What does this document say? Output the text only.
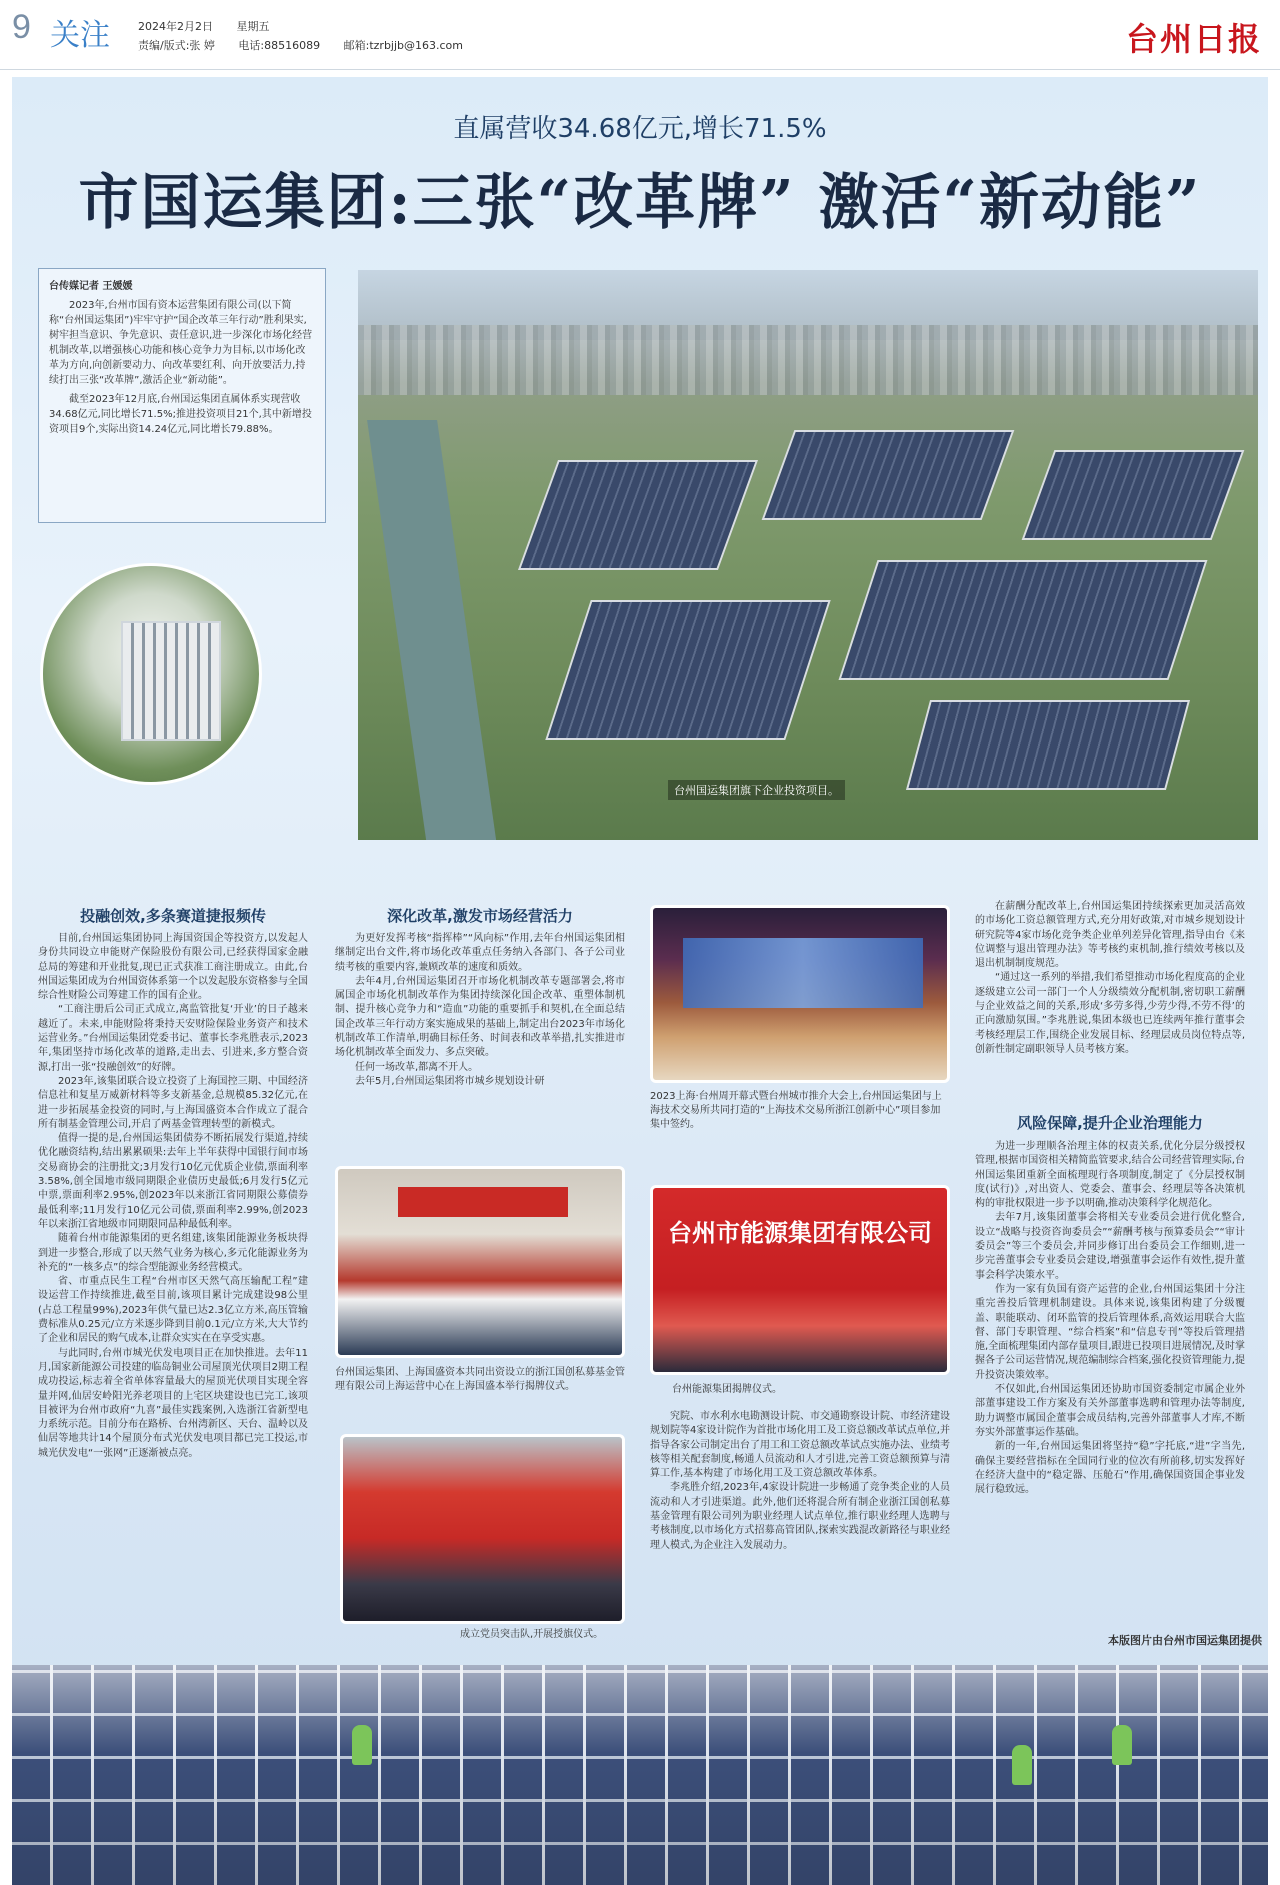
9 关注	2024年2月2日 星期五
责编/版式:张 婷 电话:88516089 邮箱:tzrbjjb@163.com	台州日报
直属营收34.68亿元,增长71.5%
市国运集团:三张“改革牌” 激活“新动能”
台传媒记者 王媛媛

2023年,台州市国有资本运营集团有限公司(以下简称“台州国运集团”)牢牢守护“国企改革三年行动”胜利果实,树牢担当意识、争先意识、责任意识,进一步深化市场化经营机制改革,以增强核心功能和核心竞争力为目标,以市场化改革为方向,向创新要动力、向改革要红利、向开放要活力,持续打出三张“改革牌”,激活企业“新动能”。

截至2023年12月底,台州国运集团直属体系实现营收34.68亿元,同比增长71.5%;推进投资项目21个,其中新增投资项目9个,实际出资14.24亿元,同比增长79.88%。

台州国运集团旗下企业投资项目。
投融创效,多条赛道捷报频传

目前,台州国运集团协同上海国资国企等投资方,以发起人身份共同设立申能财产保险股份有限公司,已经获得国家金融总局的筹建和开业批复,现已正式获准工商注册成立。由此,台州国运集团成为台州国资体系第一个以发起股东资格参与全国综合性财险公司筹建工作的国有企业。

“工商注册后公司正式成立,离监管批复‘开业’的日子越来越近了。未来,申能财险将秉持天安财险保险业务资产和技术运营业务。”台州国运集团党委书记、董事长李兆胜表示,2023年,集团坚持市场化改革的道路,走出去、引进来,多方整合资源,打出一张“投融创效”的好牌。

2023年,该集团联合设立投资了上海国控三期、中国经济信息社和复星万威新材料等多支新基金,总规模85.32亿元,在进一步拓展基金投资的同时,与上海国盛资本合作成立了混合所有制基金管理公司,开启了两基金管理转型的新模式。

值得一提的是,台州国运集团债券不断拓展发行渠道,持续优化融资结构,结出累累硕果:去年上半年获得中国银行间市场交易商协会的注册批文;3月发行10亿元优质企业债,票面利率3.58%,创全国地市级同期限企业债历史最低;6月发行5亿元中票,票面利率2.95%,创2023年以来浙江省同期限公募债券最低利率;11月发行10亿元公司债,票面利率2.99%,创2023年以来浙江省地级市同期限同品种最低利率。

随着台州市能源集团的更名组建,该集团能源业务板块得到进一步整合,形成了以天然气业务为核心,多元化能源业务为补充的“一核多点”的综合型能源业务经营模式。

省、市重点民生工程“台州市区天然气高压输配工程”建设运营工作持续推进,截至目前,该项目累计完成建设98公里(占总工程量99%),2023年供气量已达2.3亿立方米,高压管输费标准从0.25元/立方米逐步降到目前0.1元/立方米,大大节约了企业和居民的购气成本,让群众实实在在享受实惠。

与此同时,台州市城光伏发电项目正在加快推进。去年11月,国家新能源公司投建的临岛铜业公司屋顶光伏项目2期工程成功投运,标志着全省单体容量最大的屋顶光伏项目实现全容量并网,仙居安岭阳光养老项目的上宅区块建设也已完工,该项目被评为台州市政府“九喜”最佳实践案例,入选浙江省新型电力系统示范。目前分布在路桥、台州湾新区、天台、温岭以及仙居等地共计14个屋顶分布式光伏发电项目都已完工投运,市城光伏发电“一张网”正逐渐被点亮。

深化改革,激发市场经营活力

为更好发挥考核“指挥棒”“风向标”作用,去年台州国运集团相继制定出台文件,将市场化改革重点任务纳入各部门、各子公司业绩考核的重要内容,兼顾改革的速度和质效。

去年4月,台州国运集团召开市场化机制改革专题部署会,将市属国企市场化机制改革作为集团持续深化国企改革、重塑体制机制、提升核心竞争力和“造血”功能的重要抓手和契机,在全面总结国企改革三年行动方案实施成果的基础上,制定出台2023年市场化机制改革工作清单,明确目标任务、时间表和改革举措,扎实推进市场化机制改革全面发力、多点突破。

任何一场改革,都离不开人。

去年5月,台州国运集团将市城乡规划设计研

台州国运集团、上海国盛资本共同出资设立的浙江国创私募基金管理有限公司上海运营中心在上海国盛本举行揭牌仪式。
成立党员突击队,开展授旗仪式。
2023上海·台州周开幕式暨台州城市推介大会上,台州国运集团与上海技术交易所共同打造的“上海技术交易所浙江创新中心”项目参加集中签约。
台州市能源集团有限公司
台州能源集团揭牌仪式。

究院、市水利水电勘测设计院、市交通勘察设计院、市经济建设规划院等4家设计院作为首批市场化用工及工资总额改革试点单位,并指导各家公司制定出台了用工和工资总额改革试点实施办法、业绩考核等相关配套制度,畅通人员流动和人才引进,完善工资总额预算与清算工作,基本构建了市场化用工及工资总额改革体系。

李兆胜介绍,2023年,4家设计院进一步畅通了竞争类企业的人员流动和人才引进渠道。此外,他们还将混合所有制企业浙江国创私募基金管理有限公司列为职业经理人试点单位,推行职业经理人选聘与考核制度,以市场化方式招募高管团队,探索实践混改新路径与职业经理人模式,为企业注入发展动力。

在薪酬分配改革上,台州国运集团持续探索更加灵活高效的市场化工资总额管理方式,充分用好政策,对市城乡规划设计研究院等4家市场化竞争类企业单列差异化管理,指导由台《来位调整与退出管理办法》等考核约束机制,推行绩效考核以及退出机制制度规范。

“通过这一系列的举措,我们希望推动市场化程度高的企业逐级建立公司一部门一个人分级绩效分配机制,密切职工薪酬与企业效益之间的关系,形成‘多劳多得,少劳少得,不劳不得’的正向激励氛围。”李兆胜说,集团本级也已连续两年推行董事会考核经理层工作,围绕企业发展目标、经理层成员岗位特点等,创新性制定副职领导人员考核方案。

风险保障,提升企业治理能力

为进一步理顺各治理主体的权责关系,优化分层分级授权管理,根据市国资相关精简监管要求,结合公司经营管理实际,台州国运集团重新全面梳理现行各项制度,制定了《分层授权制度(试行)》,对出资人、党委会、董事会、经理层等各决策机构的审批权限进一步予以明确,推动决策科学化规范化。

去年7月,该集团董事会将相关专业委员会进行优化整合,设立“战略与投资咨询委员会”“薪酬考核与预算委员会”“审计委员会”等三个委员会,并同步修订出台委员会工作细则,进一步完善董事会专业委员会建设,增强董事会运作有效性,提升董事会科学决策水平。

作为一家有负国有资产运营的企业,台州国运集团十分注重完善投后管理机制建设。具体来说,该集团构建了分级覆盖、职能联动、闭环监管的投后管理体系,高效运用联合大监督、部门专职管理、“综合档案”和“信息专刊”等投后管理措施,全面梳理集团内部存量项目,跟进已投项目进展情况,及时掌握各子公司运营情况,规范编制综合档案,强化投资管理能力,提升投资决策效率。

不仅如此,台州国运集团还协助市国资委制定市属企业外部董事建设工作方案及有关外部董事选聘和管理办法等制度,助力调整市属国企董事会成员结构,完善外部董事人才库,不断夯实外部董事运作基础。

新的一年,台州国运集团将坚持“稳”字托底,“进”字当先,确保主要经营指标在全国同行业的位次有所前移,切实发挥好在经济大盘中的“稳定器、压舱石”作用,确保国资国企事业发展行稳致远。

本版图片由台州市国运集团提供
